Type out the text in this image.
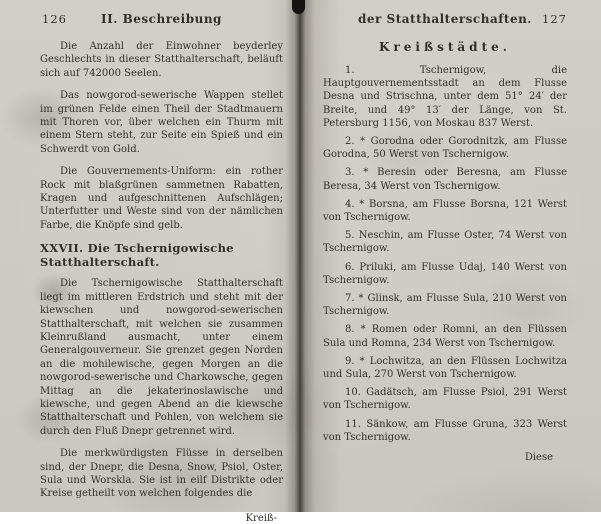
126	II. Beschreibung

Die Anzahl der Einwohner beyderley Geschlechts in dieser Statthalterschaft, beläuft sich auf 742000 Seelen.

Das nowgorod-sewerische Wappen stellet im grünen Felde einen Theil der Stadtmauern mit Thoren vor, über welchen ein Thurm mit einem Stern steht, zur Seite ein Spieß und ein Schwerdt von Gold.

Die Gouvernements-Uniform: ein rother Rock mit blaßgrünen sammetnen Rabatten, Kragen und aufgeschnittenen Aufschlägen; Unterfutter und Weste sind von der nämlichen Farbe, die Knöpfe sind gelb.

XXVII. Die Tschernigowische Statthalterschaft.

Die Tschernigowische Statthalterschaft liegt im mittleren Erdstrich und steht mit der kiewschen und nowgorod-sewerischen Statthalterschaft, mit welchen sie zusammen Kleinrußland ausmacht, unter einem Generalgouverneur. Sie grenzet gegen Norden an die mohilewische, gegen Morgen an die nowgorod-sewerische und Charkowsche, gegen Mittag an die jekaterinoslawische und kiewsche, und gegen Abend an die kiewsche Statthalterschaft und Pohlen, von welchem sie durch den Fluß Dnepr getrennet wird.

Die merkwürdigsten Flüsse in derselben sind, der Dnepr, die Desna, Snow, Psiol, Oster, Sula und Worskla. Sie ist in eilf Distrikte oder Kreise getheilt von welchen folgendes die

Kreiß-
der Statthalterschaften. 127
Kreißstädte.

1. Tschernigow, die Hauptgouvernementsstadt an dem Flusse Desna und Strischna, unter dem 51° 24′ der Breite, und 49° 13′ der Länge, von St. Petersburg 1156, von Moskau 837 Werst.

2. * Gorodna oder Gorodnitzk, am Flusse Gorodna, 50 Werst von Tschernigow.

3. * Beresin oder Beresna, am Flusse Beresa, 34 Werst von Tschernigow.

4. * Borsna, am Flusse Borsna, 121 Werst von Tschernigow.

5. Neschin, am Flusse Oster, 74 Werst von Tschernigow.

6. Priluki, am Flusse Udaj, 140 Werst von Tschernigow.

7. * Glinsk, am Flusse Sula, 210 Werst von Tschernigow.

8. * Romen oder Romni, an den Flüssen Sula und Romna, 234 Werst von Tschernigow.

9. * Lochwitza, an den Flüssen Lochwitza und Sula, 270 Werst von Tschernigow.

10. Gadätsch, am Flusse Psiol, 291 Werst von Tschernigow.

11. Sänkow, am Flusse Gruna, 323 Werst von Tschernigow.

Diese
